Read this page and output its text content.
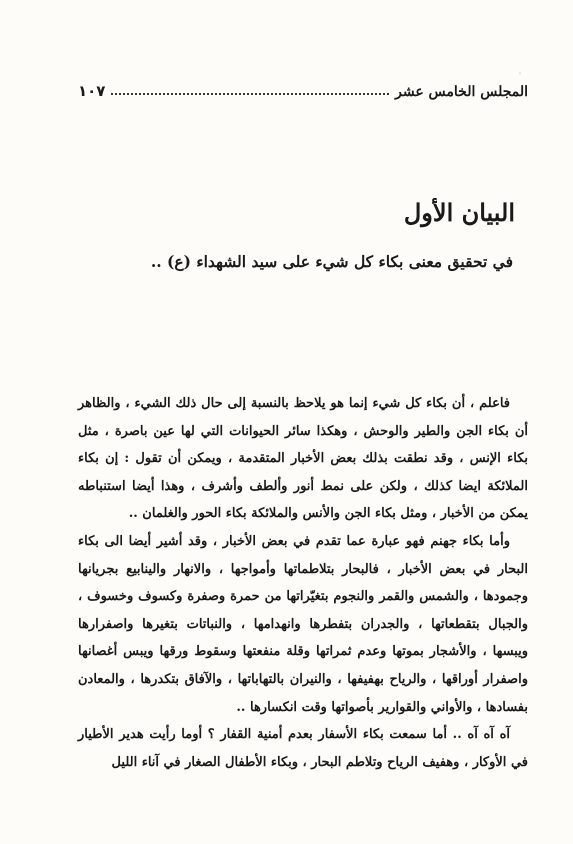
المجلس الخامس عشر
١٠٧
البيان الأول
في تحقيق معنى بكاء كل شيء على سيد الشهداء (ع) ..

فاعلم ، أن بكاء كل شيء إنما هو يلاحظ بالنسبة إلى حال ذلك الشيء ، والظاهر أن بكاء الجن والطير والوحش ، وهكذا سائر الحيوانات التي لها عين باصرة ، مثل بكاء الإنس ، وقد نطقت بذلك بعض الأخبار المتقدمة ، ويمكن أن تقول : إن بكاء الملائكة ايضا كذلك ، ولكن على نمط أنور وألطف وأشرف ، وهذا أيضا استنباطه يمكن من الأخبار ، ومثل بكاء الجن والأنس والملائكة بكاء الحور والغلمان ..

وأما بكاء جهنم فهو عبارة عما تقدم في بعض الأخبار ، وقد أشير أيضا الى بكاء البحار في بعض الأخبار ، فالبحار بتلاطماتها وأمواجها ، والانهار والينابيع بجريانها وجمودها ، والشمس والقمر والنجوم بتغيّراتها من حمرة وصفرة وكسوف وخسوف ، والجبال بتقطعاتها ، والجدران بتفطرها وانهدامها ، والنباتات بتغيرها واصفرارها ويبسها ، والأشجار بموتها وعدم ثمراتها وقلة منفعتها وسقوط ورقها ويبس أغصانها واصفرار أوراقها ، والرياح بهفيفها ، والنيران بالتهاباتها ، والآفاق بتكدرها ، والمعادن بفسادها ، والأواني والقوارير بأصواتها وقت انكسارها ..

آه آه آه .. أما سمعت بكاء الأسفار بعدم أمنية القفار ؟ أوما رأيت هدير الأطيار في الأوكار ، وهفيف الرياح وتلاطم البحار ، وبكاء الأطفال الصغار في آناء الليل
